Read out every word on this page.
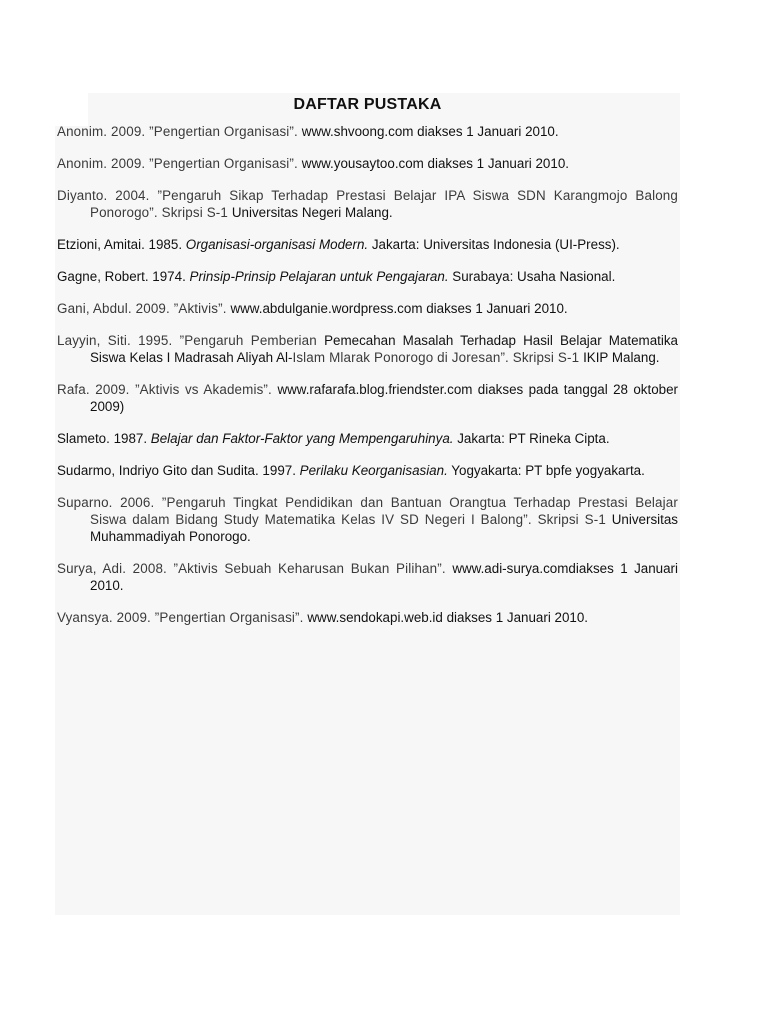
DAFTAR PUSTAKA
Anonim. 2009. ”Pengertian Organisasi”. www.shvoong.com diakses 1 Januari 2010.
Anonim. 2009. ”Pengertian Organisasi”. www.yousaytoo.com diakses 1 Januari 2010.
Diyanto. 2004. ”Pengaruh Sikap Terhadap Prestasi Belajar IPA Siswa SDN Karangmojo Balong Ponorogo”. Skripsi S-1 Universitas Negeri Malang.
Etzioni, Amitai. 1985. Organisasi-organisasi Modern. Jakarta: Universitas Indonesia (UI-Press).
Gagne, Robert. 1974. Prinsip-Prinsip Pelajaran untuk Pengajaran. Surabaya: Usaha Nasional.
Gani, Abdul. 2009. ”Aktivis”. www.abdulganie.wordpress.com diakses 1 Januari 2010.
Layyin, Siti. 1995. ”Pengaruh Pemberian Pemecahan Masalah Terhadap Hasil Belajar Matematika Siswa Kelas I Madrasah Aliyah Al-Islam Mlarak Ponorogo di Joresan”. Skripsi S-1 IKIP Malang.
Rafa. 2009. ”Aktivis vs Akademis”. www.rafarafa.blog.friendster.com diakses pada tanggal 28 oktober 2009)
Slameto. 1987. Belajar dan Faktor-Faktor yang Mempengaruhinya. Jakarta: PT Rineka Cipta.
Sudarmo, Indriyo Gito dan Sudita. 1997. Perilaku Keorganisasian. Yogyakarta: PT bpfe yogyakarta.
Suparno. 2006. ”Pengaruh Tingkat Pendidikan dan Bantuan Orangtua Terhadap Prestasi Belajar Siswa dalam Bidang Study Matematika Kelas IV SD Negeri I Balong”. Skripsi S-1 Universitas Muhammadiyah Ponorogo.
Surya, Adi. 2008. ”Aktivis Sebuah Keharusan Bukan Pilihan”. www.adi-surya.comdiakses 1 Januari 2010.
Vyansya. 2009. ”Pengertian Organisasi”. www.sendokapi.web.id diakses 1 Januari 2010.
